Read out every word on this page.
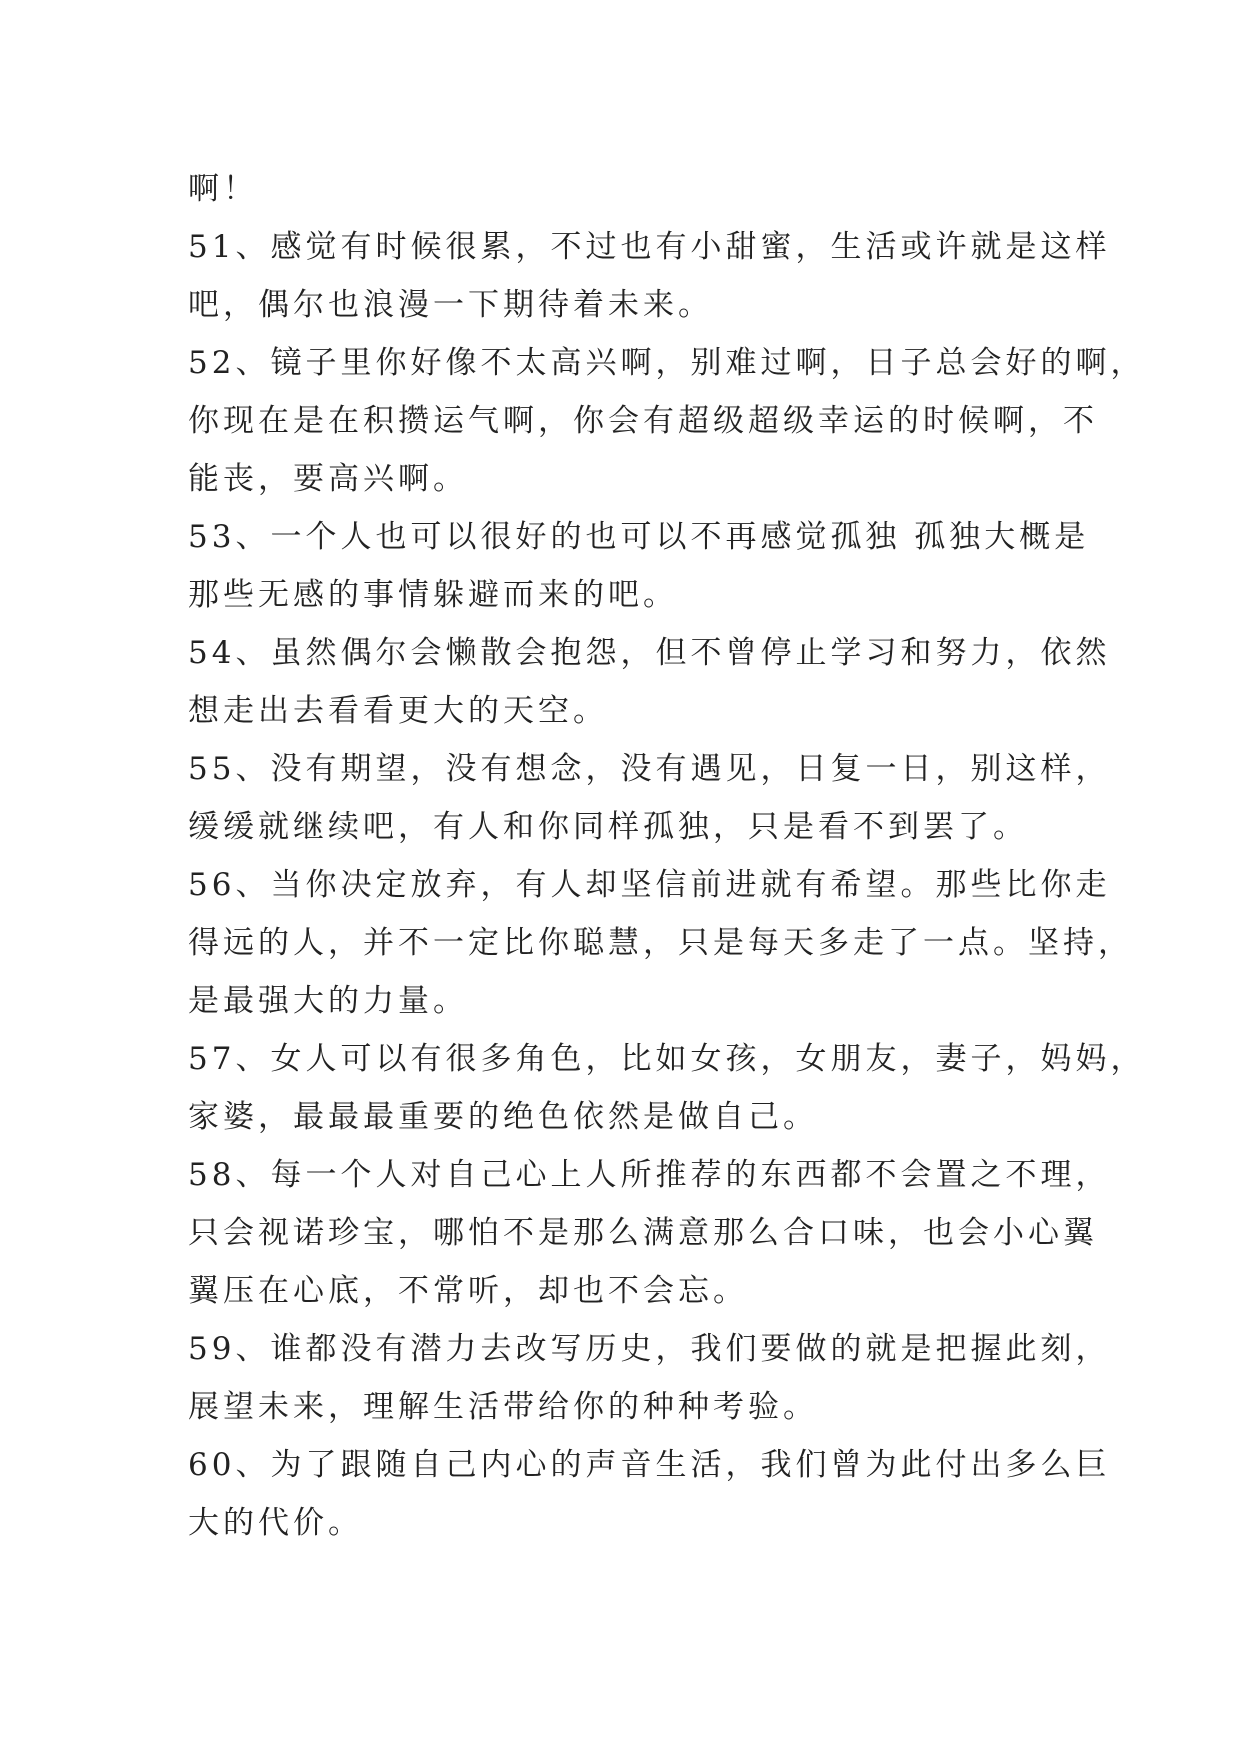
啊！
51、感觉有时候很累，不过也有小甜蜜，生活或许就是这样
吧，偶尔也浪漫一下期待着未来。
52、镜子里你好像不太高兴啊，别难过啊，日子总会好的啊，
你现在是在积攒运气啊，你会有超级超级幸运的时候啊，不
能丧，要高兴啊。
53、一个人也可以很好的也可以不再感觉孤独 孤独大概是
那些无感的事情躲避而来的吧。
54、虽然偶尔会懒散会抱怨，但不曾停止学习和努力，依然
想走出去看看更大的天空。
55、没有期望，没有想念，没有遇见，日复一日，别这样，
缓缓就继续吧，有人和你同样孤独，只是看不到罢了。
56、当你决定放弃，有人却坚信前进就有希望。那些比你走
得远的人，并不一定比你聪慧，只是每天多走了一点。坚持，
是最强大的力量。
57、女人可以有很多角色，比如女孩，女朋友，妻子，妈妈，
家婆，最最最重要的绝色依然是做自己。
58、每一个人对自己心上人所推荐的东西都不会置之不理，
只会视诺珍宝，哪怕不是那么满意那么合口味，也会小心翼
翼压在心底，不常听，却也不会忘。
59、谁都没有潜力去改写历史，我们要做的就是把握此刻，
展望未来，理解生活带给你的种种考验。
60、为了跟随自己内心的声音生活，我们曾为此付出多么巨
大的代价。
